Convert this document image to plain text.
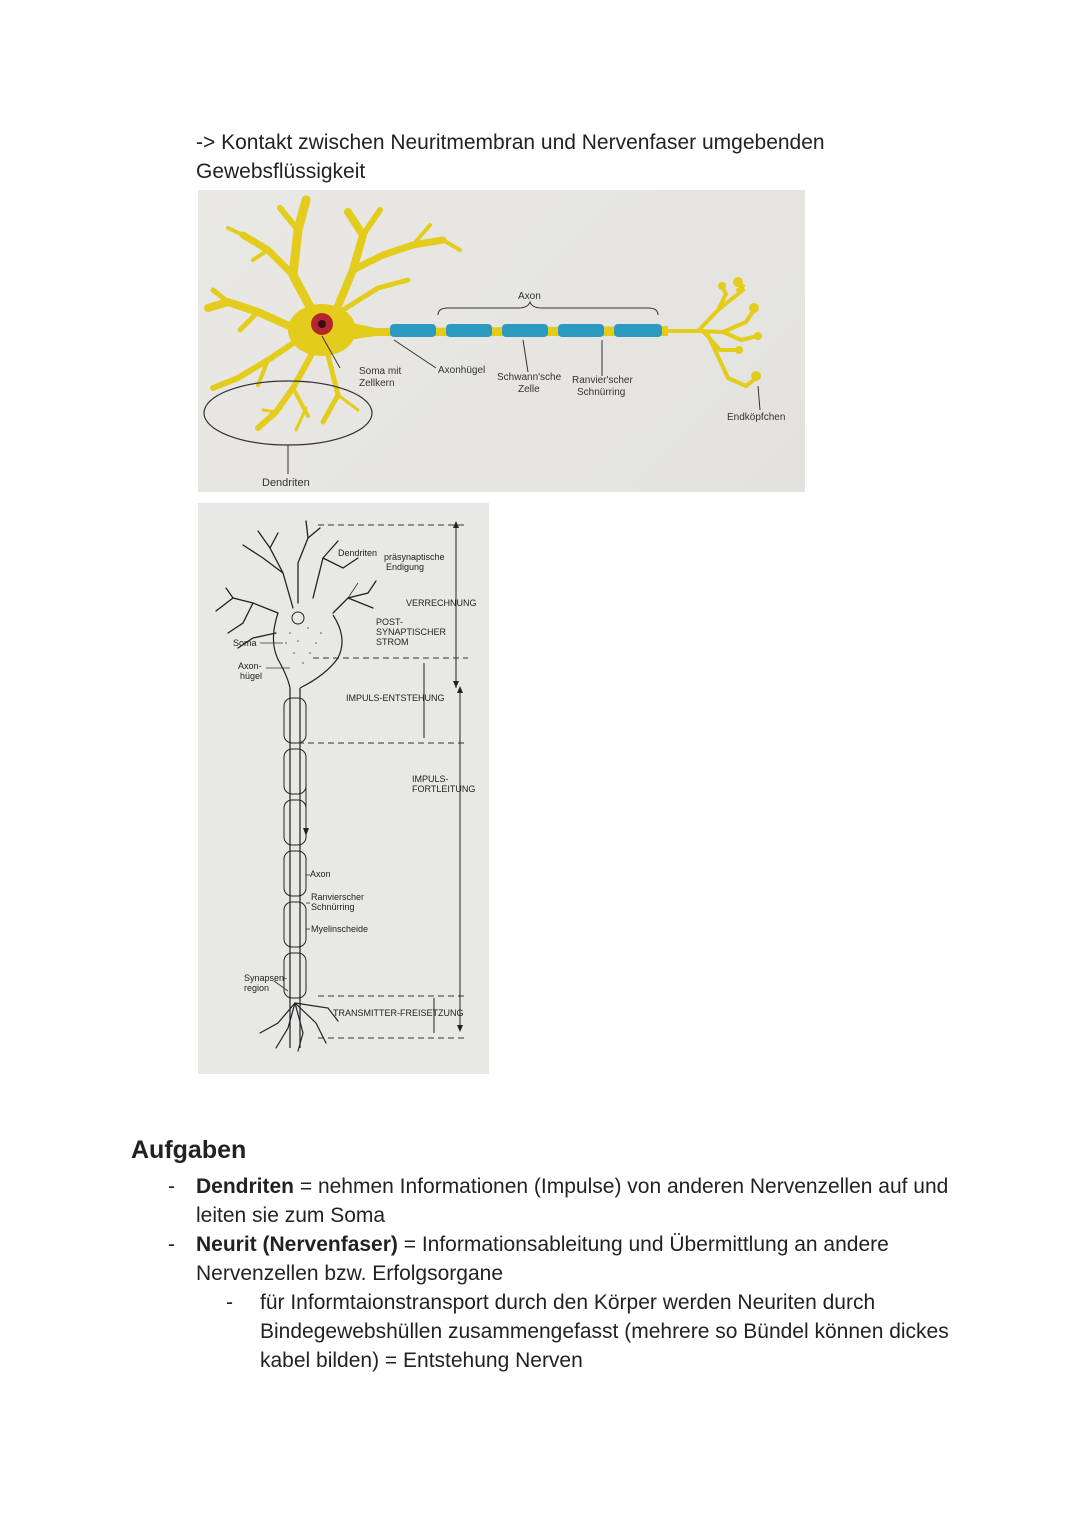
-> Kontakt zwischen Neuritmembran und Nervenfaser umgebenden Gewebsflüssigkeit
Axon
Soma mit Zellkern
Axonhügel
Schwann'sche Zelle
Ranvier'scher Schnürring
Endköpfchen
Dendriten
Dendriten präsynaptische Endigung
VERRECHNUNG
POST-SYNAPTISCHER STROM
Soma
Axon-hügel
IMPULS-ENTSTEHUNG
IMPULS-FORTLEITUNG
Axon
Ranvierscher Schnürring
Myelinscheide
Synapsen-region
TRANSMITTER-FREISETZUNG
Aufgaben
- Dendriten = nehmen Informationen (Impulse) von anderen Nervenzellen auf und leiten sie zum Soma
- Neurit (Nervenfaser) = Informationsableitung und Übermittlung an andere Nervenzellen bzw. Erfolgsorgane
- für Informtaionstransport durch den Körper werden Neuriten durch Bindegewebshüllen zusammengefasst (mehrere so Bündel können dickes kabel bilden) = Entstehung Nerven
